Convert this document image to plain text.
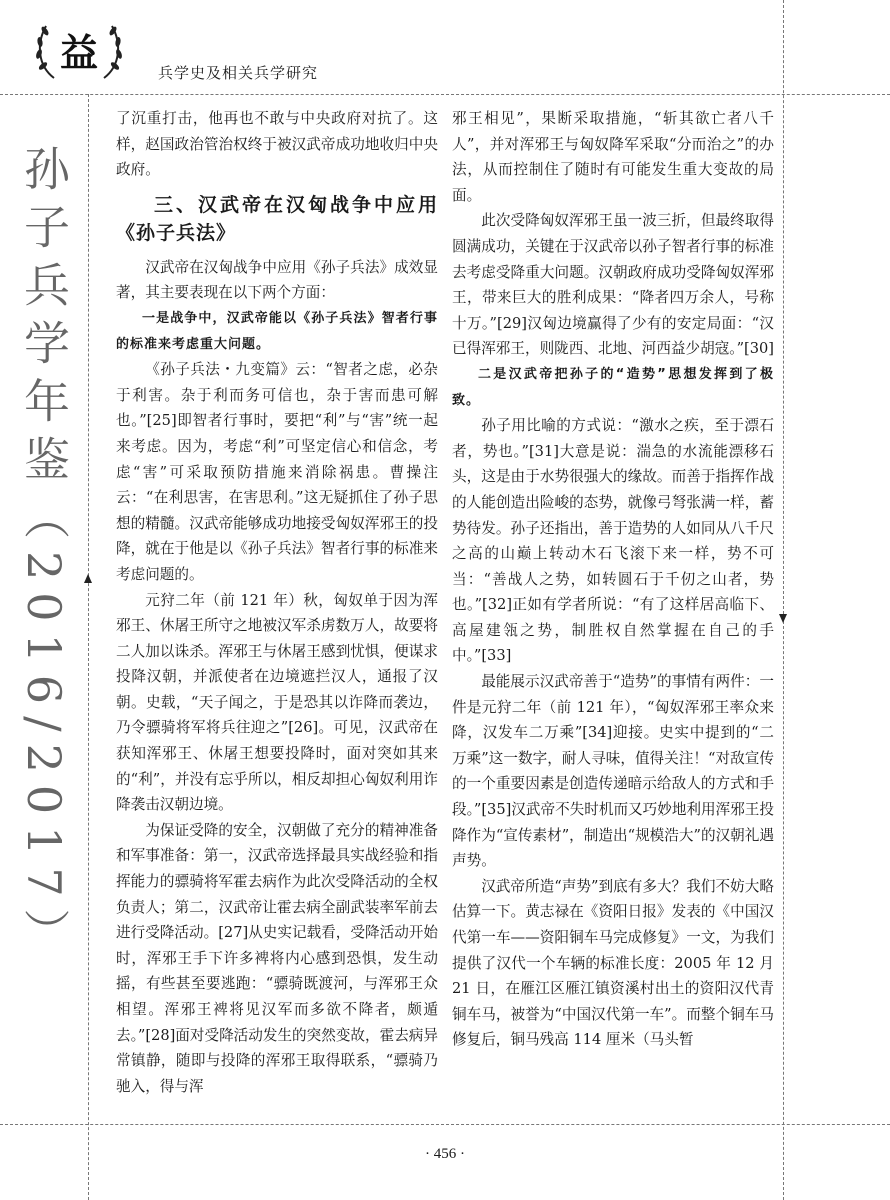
益	兵学史及相关兵学研究
孙子兵学年鉴（2016/2017）

了沉重打击，他再也不敢与中央政府对抗了。这样，赵国政治管治权终于被汉武帝成功地收归中央政府。

三、汉武帝在汉匈战争中应用《孙子兵法》

汉武帝在汉匈战争中应用《孙子兵法》成效显著，其主要表现在以下两个方面：

一是战争中，汉武帝能以《孙子兵法》智者行事的标准来考虑重大问题。

《孙子兵法・九变篇》云：“智者之虑，必杂于利害。杂于利而务可信也，杂于害而患可解也。”[25]即智者行事时，要把“利”与“害”统一起来考虑。因为，考虑“利”可坚定信心和信念，考虑“害”可采取预防措施来消除祸患。曹操注云：“在利思害，在害思利。”这无疑抓住了孙子思想的精髓。汉武帝能够成功地接受匈奴浑邪王的投降，就在于他是以《孙子兵法》智者行事的标准来考虑问题的。

元狩二年（前 121 年）秋，匈奴单于因为浑邪王、休屠王所守之地被汉军杀虏数万人，故要将二人加以诛杀。浑邪王与休屠王感到忧惧，便谋求投降汉朝，并派使者在边境遮拦汉人，通报了汉朝。史载，“天子闻之，于是恐其以诈降而袭边，乃令骠骑将军将兵往迎之”[26]。可见，汉武帝在获知浑邪王、休屠王想要投降时，面对突如其来的“利”，并没有忘乎所以，相反却担心匈奴利用诈降袭击汉朝边境。

为保证受降的安全，汉朝做了充分的精神准备和军事准备：第一，汉武帝选择最具实战经验和指挥能力的骠骑将军霍去病作为此次受降活动的全权负责人；第二，汉武帝让霍去病全副武装率军前去进行受降活动。[27]从史实记载看，受降活动开始时，浑邪王手下许多裨将内心感到恐惧，发生动摇，有些甚至要逃跑：“骠骑既渡河，与浑邪王众相望。浑邪王裨将见汉军而多欲不降者，颇遁去。”[28]面对受降活动发生的突然变故，霍去病异常镇静，随即与投降的浑邪王取得联系，“骠骑乃驰入，得与浑

邪王相见”，果断采取措施，“斩其欲亡者八千人”，并对浑邪王与匈奴降军采取“分而治之”的办法，从而控制住了随时有可能发生重大变故的局面。

此次受降匈奴浑邪王虽一波三折，但最终取得圆满成功，关键在于汉武帝以孙子智者行事的标准去考虑受降重大问题。汉朝政府成功受降匈奴浑邪王，带来巨大的胜利成果：“降者四万余人，号称十万。”[29]汉匈边境赢得了少有的安定局面：“汉已得浑邪王，则陇西、北地、河西益少胡寇。”[30]

二是汉武帝把孙子的“造势”思想发挥到了极致。

孙子用比喻的方式说：“激水之疾，至于漂石者，势也。”[31]大意是说：湍急的水流能漂移石头，这是由于水势很强大的缘故。而善于指挥作战的人能创造出险峻的态势，就像弓弩张满一样，蓄势待发。孙子还指出，善于造势的人如同从八千尺之高的山巅上转动木石飞滚下来一样，势不可当：“善战人之势，如转圆石于千仞之山者，势也。”[32]正如有学者所说：“有了这样居高临下、高屋建瓴之势，制胜权自然掌握在自己的手中。”[33]

最能展示汉武帝善于“造势”的事情有两件：一件是元狩二年（前 121 年），“匈奴浑邪王率众来降，汉发车二万乘”[34]迎接。史实中提到的“二万乘”这一数字，耐人寻味，值得关注！“对敌宣传的一个重要因素是创造传递暗示给敌人的方式和手段。”[35]汉武帝不失时机而又巧妙地利用浑邪王投降作为“宣传素材”，制造出“规模浩大”的汉朝礼遇声势。

汉武帝所造“声势”到底有多大？我们不妨大略估算一下。黄志禄在《资阳日报》发表的《中国汉代第一车——资阳铜车马完成修复》一文，为我们提供了汉代一个车辆的标准长度：2005 年 12 月 21 日，在雁江区雁江镇资溪村出土的资阳汉代青铜车马，被誉为“中国汉代第一车”。而整个铜车马修复后，铜马残高 114 厘米（马头暂

· 456 ·
